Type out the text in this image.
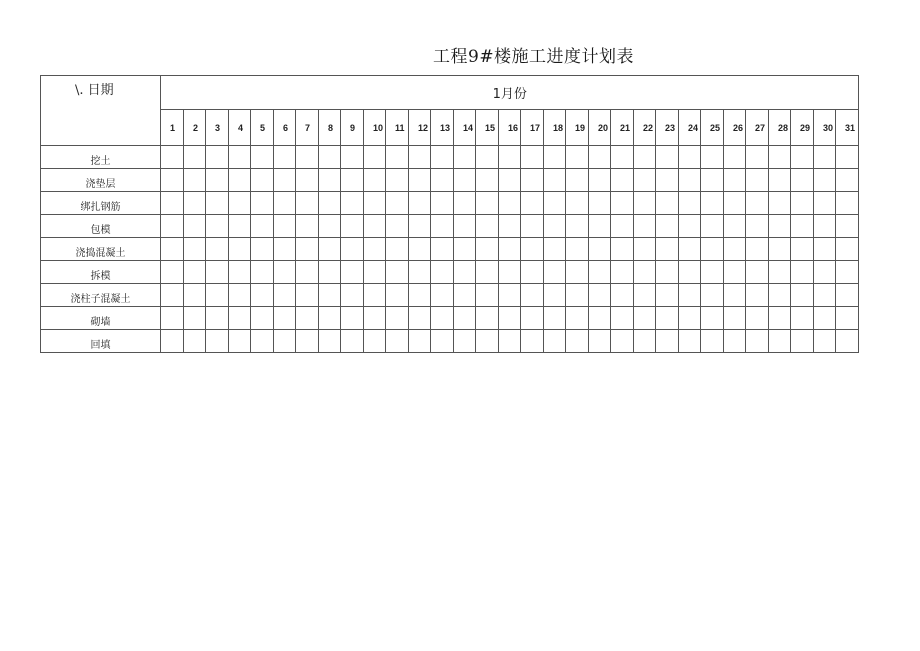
工程9#楼施工进度计划表
\. 日期	1月份																														
	1	2	3	4	5	6	7	8	9	10	11	12	13	14	15	16	17	18	19	20	21	22	23	24	25	26	27	28	29	30	31
挖土																															
浇垫层																															
绑扎钢筋																															
包模																															
浇捣混凝土																															
拆模																															
浇柱子混凝土																															
砌墙																															
回填																															
